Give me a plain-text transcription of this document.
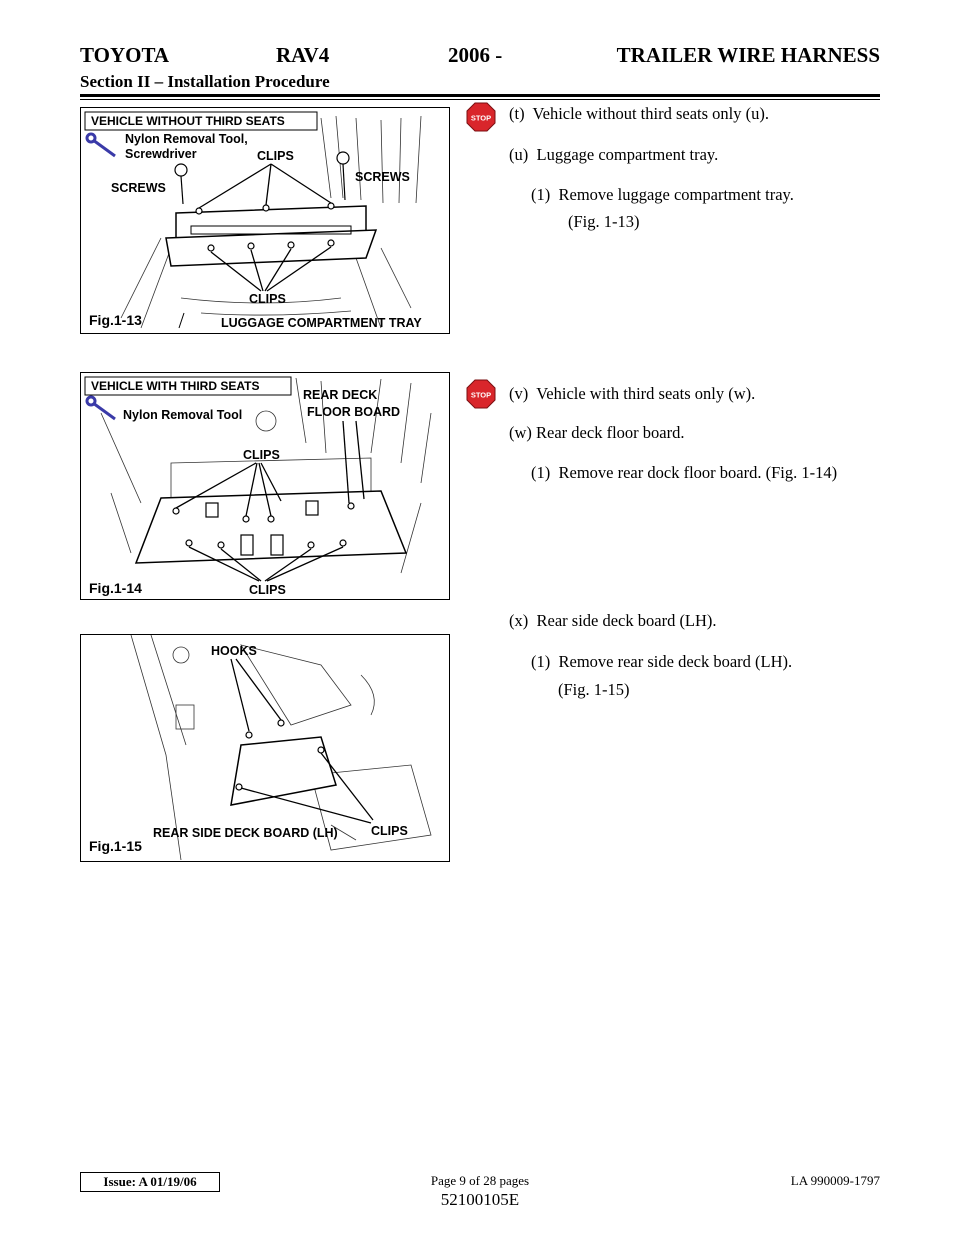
TOYOTA	RAV4	2006 -	TRAILER WIRE HARNESS
Section II – Installation Procedure
VEHICLE WITHOUT THIRD SEATS
Nylon Removal Tool,
Screwdriver	CLIPS
SCREWS
SCREWS
CLIPS
Fig.1-13	LUGGAGE COMPARTMENT TRAY
VEHICLE WITH THIRD SEATS
Nylon Removal Tool
REAR DECK
FLOOR BOARD
CLIPS
CLIPS
Fig.1-14
HOOKS
REAR SIDE DECK BOARD (LH)	CLIPS
Fig.1-15
STOP
STOP
(t) Vehicle without third seats only (u).
(u) Luggage compartment tray.
(1) Remove luggage compartment tray.
(Fig. 1-13)
(v) Vehicle with third seats only (w).
(w) Rear deck floor board.
(1) Remove rear dock floor board. (Fig. 1-14)
(x) Rear side deck board (LH).
(1) Remove rear side deck board (LH).
(Fig. 1-15)
Issue: A 01/19/06	Page 9 of 28 pages	LA 990009-1797
52100105E
